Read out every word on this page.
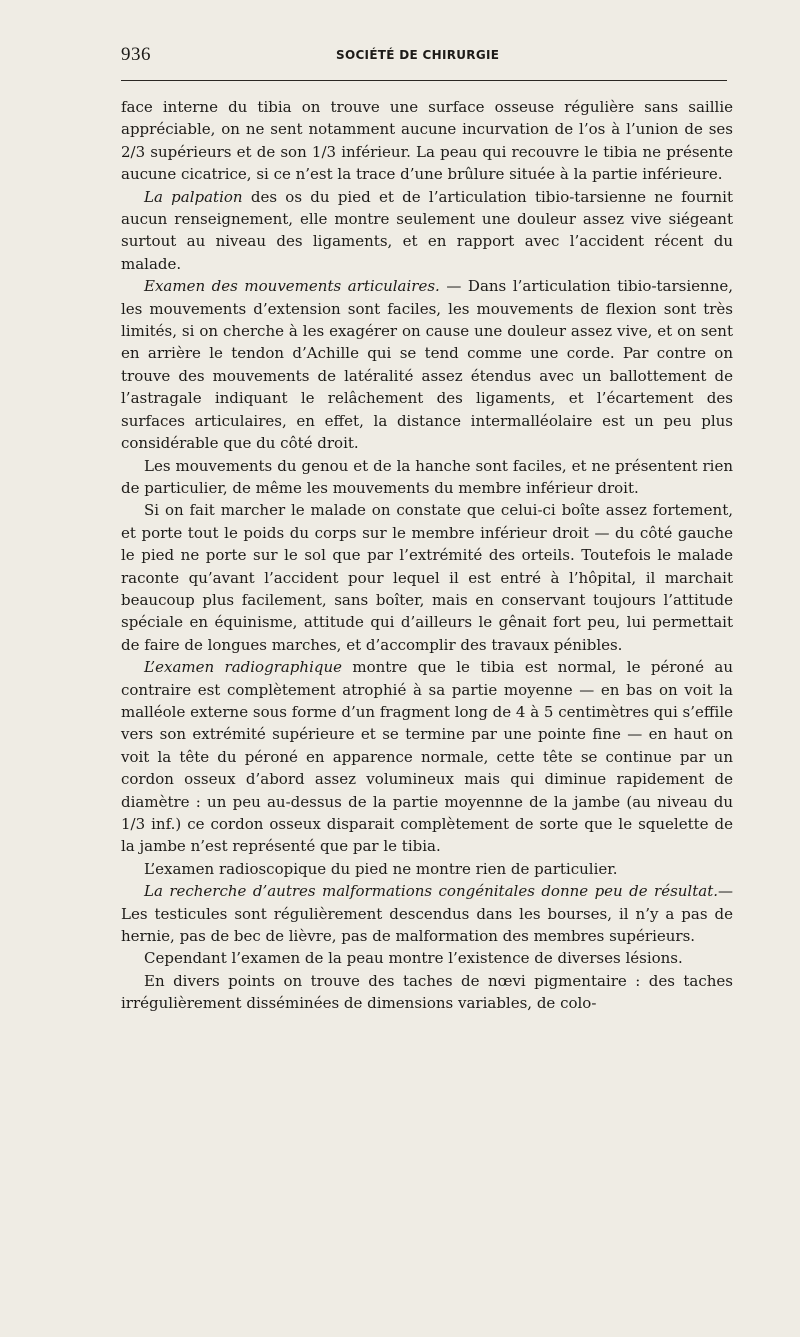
936	SOCIÉTÉ DE CHIRURGIE

face interne du tibia on trouve une surface osseuse régulière sans saillie appréciable, on ne sent notamment aucune incurvation de l’os à l’union de ses 2/3 supérieurs et de son 1/3 inférieur. La peau qui recouvre le tibia ne présente aucune cicatrice, si ce n’est la trace d’une brûlure située à la partie inférieure.

La palpation des os du pied et de l’articulation tibio-tarsienne ne fournit aucun renseignement, elle montre seulement une douleur assez vive siégeant surtout au niveau des ligaments, et en rapport avec l’accident récent du malade.

Examen des mouvements articulaires. — Dans l’articulation tibio-tarsienne, les mouvements d’extension sont faciles, les mouvements de flexion sont très limités, si on cherche à les exagérer on cause une douleur assez vive, et on sent en arrière le tendon d’Achille qui se tend comme une corde. Par contre on trouve des mouvements de latéralité assez étendus avec un ballottement de l’astragale indiquant le relâchement des ligaments, et l’écartement des surfaces articulaires, en effet, la distance intermalléolaire est un peu plus considérable que du côté droit.

Les mouvements du genou et de la hanche sont faciles, et ne présentent rien de particulier, de même les mouvements du membre inférieur droit.

Si on fait marcher le malade on constate que celui-ci boîte assez fortement, et porte tout le poids du corps sur le membre inférieur droit — du côté gauche le pied ne porte sur le sol que par l’extrémité des orteils. Toutefois le malade raconte qu’avant l’accident pour lequel il est entré à l’hôpital, il marchait beaucoup plus facilement, sans boîter, mais en conservant toujours l’attitude spéciale en équinisme, attitude qui d’ailleurs le gênait fort peu, lui permettait de faire de longues marches, et d’accomplir des travaux pénibles.

L’examen radiographique montre que le tibia est normal, le péroné au contraire est complètement atrophié à sa partie moyenne — en bas on voit la malléole externe sous forme d’un fragment long de 4 à 5 centimètres qui s’effile vers son extrémité supérieure et se termine par une pointe fine — en haut on voit la tête du péroné en apparence normale, cette tête se continue par un cordon osseux d’abord assez volumineux mais qui diminue rapidement de diamètre : un peu au-dessus de la partie moyennne de la jambe (au niveau du 1/3 inf.) ce cordon osseux disparait complètement de sorte que le squelette de la jambe n’est représenté que par le tibia.

L’examen radioscopique du pied ne montre rien de particulier.

La recherche d’autres malformations congénitales donne peu de résultat.— Les testicules sont régulièrement descendus dans les bourses, il n’y a pas de hernie, pas de bec de lièvre, pas de malformation des membres supérieurs.

Cependant l’examen de la peau montre l’existence de diverses lésions.

En divers points on trouve des taches de nœvi pigmentaire : des taches irrégulièrement disséminées de dimensions variables, de colo-
